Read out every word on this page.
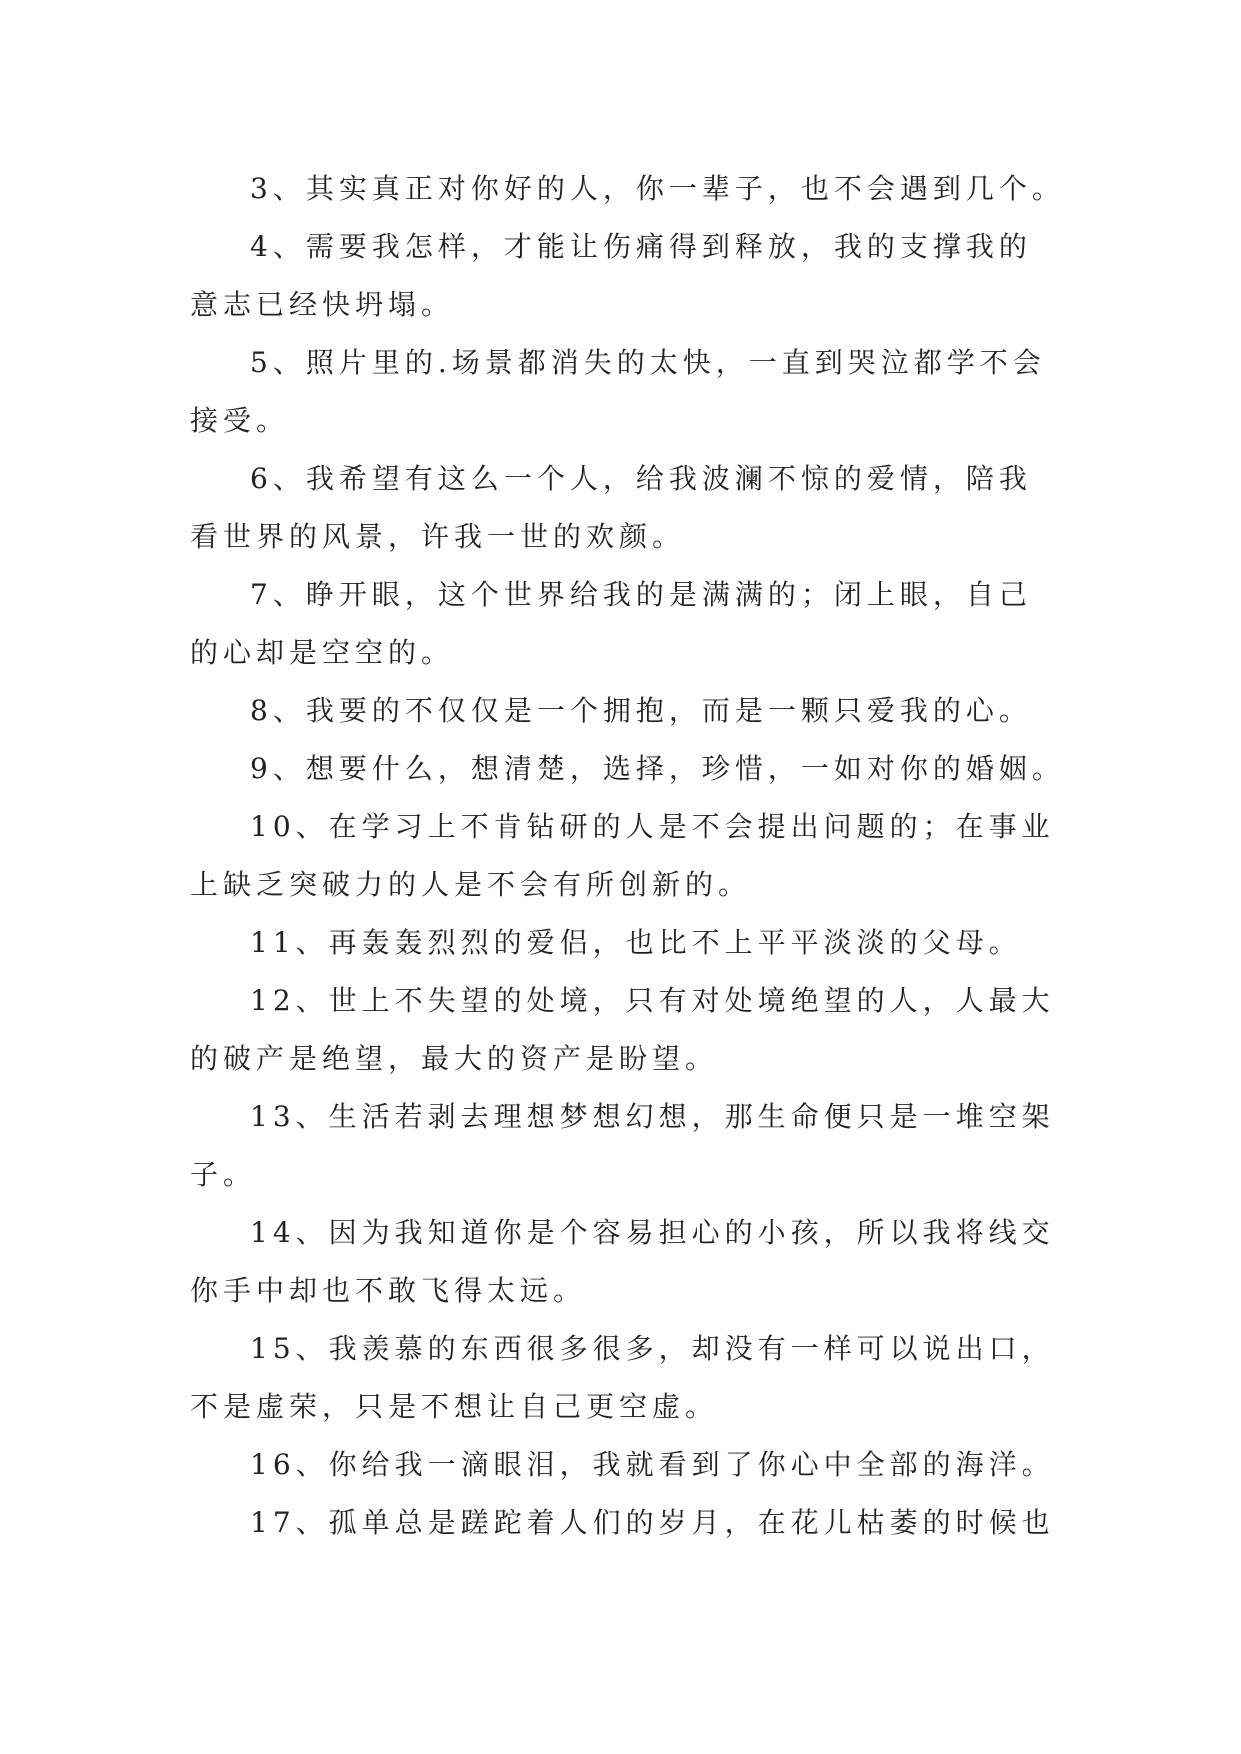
3、其实真正对你好的人，你一辈子，也不会遇到几个。

4、需要我怎样，才能让伤痛得到释放，我的支撑我的
意志已经快坍塌。

5、照片里的.场景都消失的太快，一直到哭泣都学不会
接受。

6、我希望有这么一个人，给我波澜不惊的爱情，陪我
看世界的风景，许我一世的欢颜。

7、睁开眼，这个世界给我的是满满的；闭上眼，自己
的心却是空空的。

8、我要的不仅仅是一个拥抱，而是一颗只爱我的心。

9、想要什么，想清楚，选择，珍惜，一如对你的婚姻。

10、在学习上不肯钻研的人是不会提出问题的；在事业
上缺乏突破力的人是不会有所创新的。

11、再轰轰烈烈的爱侣，也比不上平平淡淡的父母。

12、世上不失望的处境，只有对处境绝望的人，人最大
的破产是绝望，最大的资产是盼望。

13、生活若剥去理想梦想幻想，那生命便只是一堆空架
子。

14、因为我知道你是个容易担心的小孩，所以我将线交
你手中却也不敢飞得太远。

15、我羡慕的东西很多很多，却没有一样可以说出口，
不是虚荣，只是不想让自己更空虚。

16、你给我一滴眼泪，我就看到了你心中全部的海洋。

17、孤单总是蹉跎着人们的岁月，在花儿枯萎的时候也
